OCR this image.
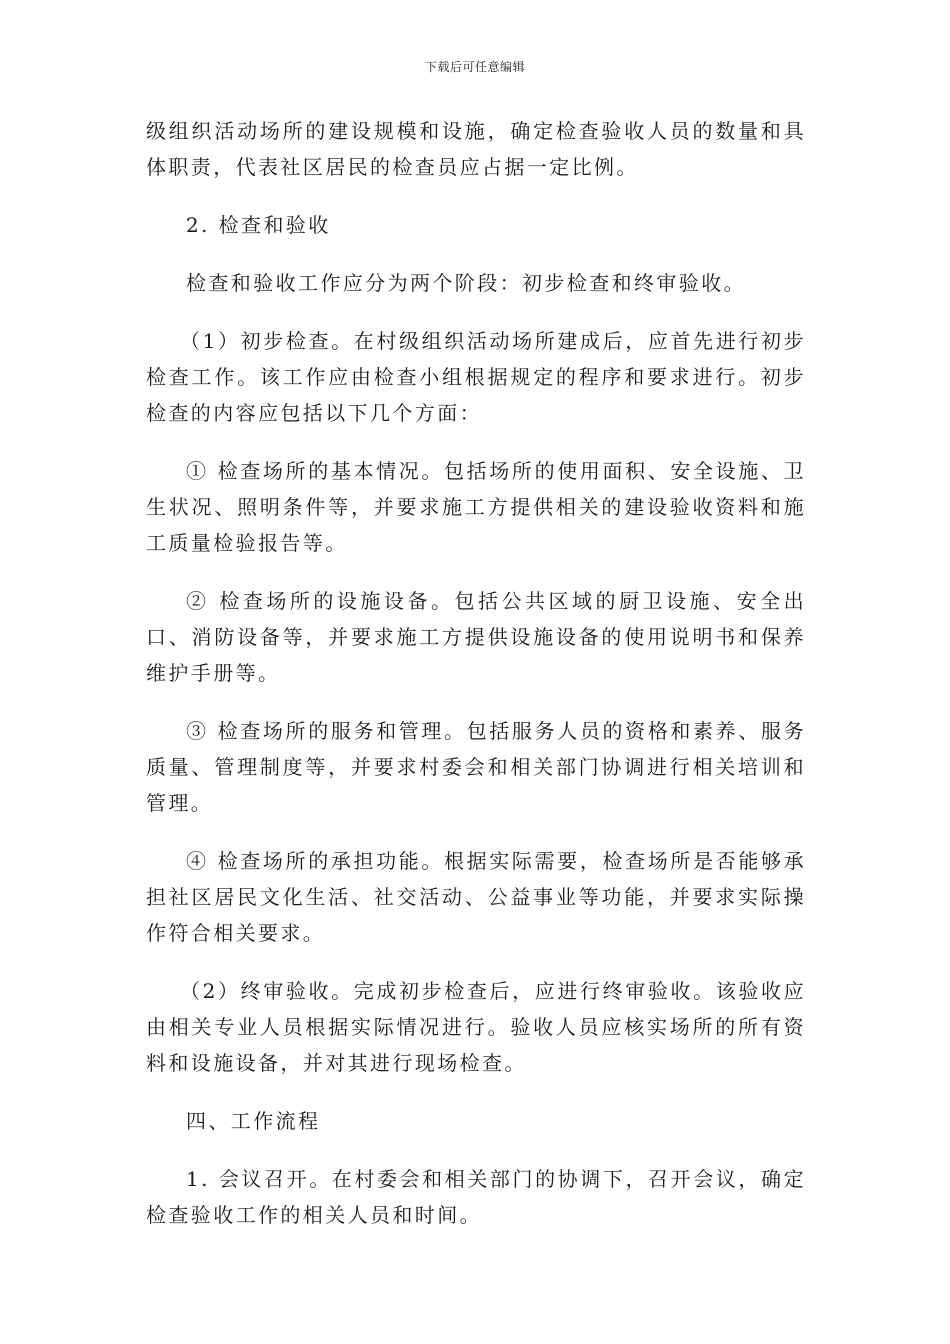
下载后可任意编辑

级组织活动场所的建设规模和设施，确定检查验收人员的数量和具体职责，代表社区居民的检查员应占据一定比例。

2. 检查和验收

检查和验收工作应分为两个阶段：初步检查和终审验收。

（1）初步检查。在村级组织活动场所建成后，应首先进行初步检查工作。该工作应由检查小组根据规定的程序和要求进行。初步检查的内容应包括以下几个方面：

① 检查场所的基本情况。包括场所的使用面积、安全设施、卫生状况、照明条件等，并要求施工方提供相关的建设验收资料和施工质量检验报告等。

② 检查场所的设施设备。包括公共区域的厨卫设施、安全出口、消防设备等，并要求施工方提供设施设备的使用说明书和保养维护手册等。

③ 检查场所的服务和管理。包括服务人员的资格和素养、服务质量、管理制度等，并要求村委会和相关部门协调进行相关培训和管理。

④ 检查场所的承担功能。根据实际需要，检查场所是否能够承担社区居民文化生活、社交活动、公益事业等功能，并要求实际操作符合相关要求。

（2）终审验收。完成初步检查后，应进行终审验收。该验收应由相关专业人员根据实际情况进行。验收人员应核实场所的所有资料和设施设备，并对其进行现场检查。

四、工作流程

1. 会议召开。在村委会和相关部门的协调下，召开会议，确定检查验收工作的相关人员和时间。
